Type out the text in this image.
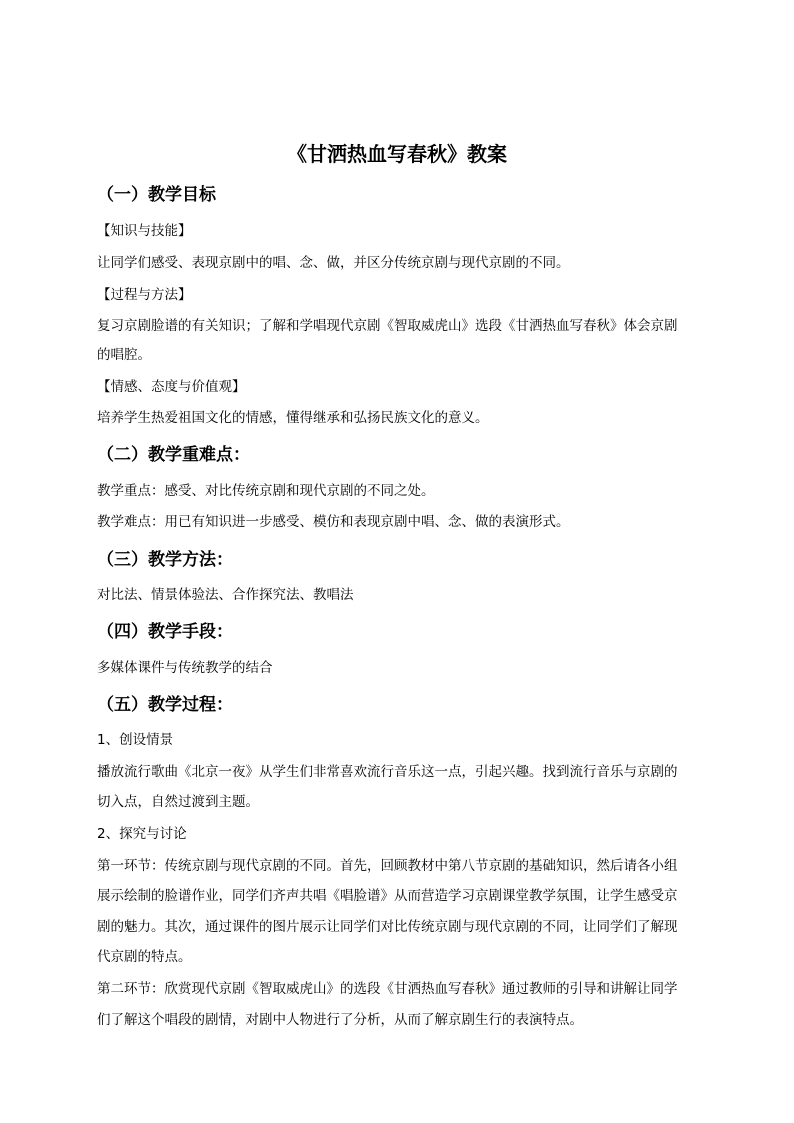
《甘洒热血写春秋》教案
（一）教学目标
【知识与技能】
让同学们感受、表现京剧中的唱、念、做，并区分传统京剧与现代京剧的不同。
【过程与方法】
复习京剧脸谱的有关知识；了解和学唱现代京剧《智取威虎山》选段《甘洒热血写春秋》体会京剧
的唱腔。
【情感、态度与价值观】
培养学生热爱祖国文化的情感，懂得继承和弘扬民族文化的意义。
（二）教学重难点：
教学重点：感受、对比传统京剧和现代京剧的不同之处。
教学难点：用已有知识进一步感受、模仿和表现京剧中唱、念、做的表演形式。
（三）教学方法：
对比法、情景体验法、合作探究法、教唱法
（四）教学手段：
多媒体课件与传统教学的结合
（五）教学过程：
1、创设情景
播放流行歌曲《北京一夜》从学生们非常喜欢流行音乐这一点，引起兴趣。找到流行音乐与京剧的
切入点，自然过渡到主题。
2、探究与讨论
第一环节：传统京剧与现代京剧的不同。首先，回顾教材中第八节京剧的基础知识，然后请各小组
展示绘制的脸谱作业，同学们齐声共唱《唱脸谱》从而营造学习京剧课堂教学氛围，让学生感受京
剧的魅力。其次，通过课件的图片展示让同学们对比传统京剧与现代京剧的不同，让同学们了解现
代京剧的特点。
第二环节：欣赏现代京剧《智取威虎山》的选段《甘洒热血写春秋》通过教师的引导和讲解让同学
们了解这个唱段的剧情，对剧中人物进行了分析，从而了解京剧生行的表演特点。
